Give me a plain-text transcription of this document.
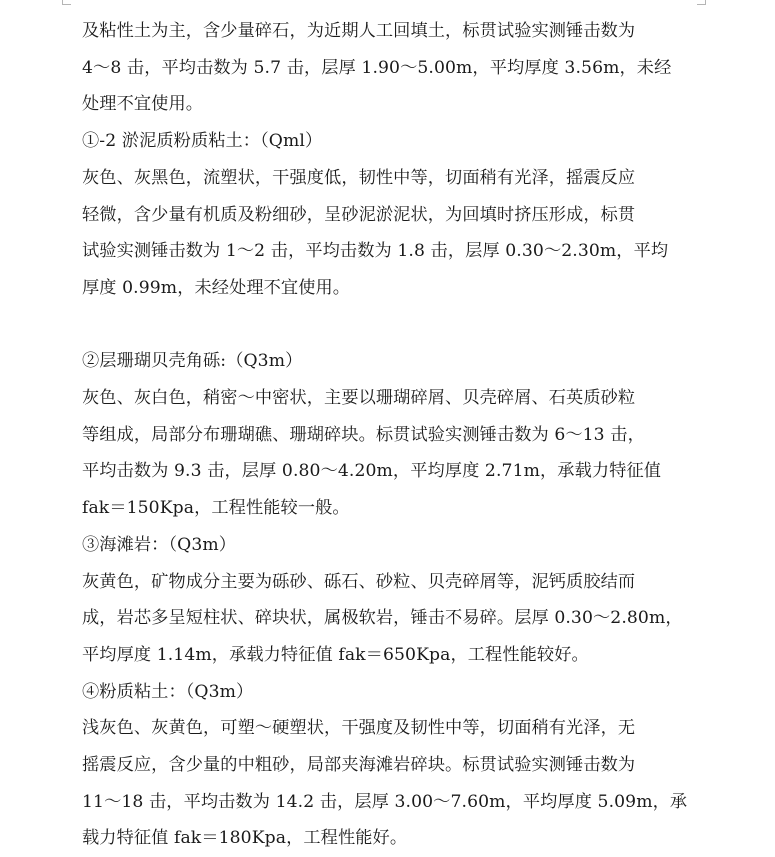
及粘性土为主，含少量碎石，为近期人工回填土，标贯试验实测锤击数为
4～8 击，平均击数为 5.7 击，层厚 1.90～5.00m，平均厚度 3.56m，未经
处理不宜使用。

①-2 淤泥质粉质粘土：（Qml）

灰色、灰黑色，流塑状，干强度低，韧性中等，切面稍有光泽，摇震反应
轻微，含少量有机质及粉细砂，呈砂泥淤泥状，为回填时挤压形成，标贯
试验实测锤击数为 1～2 击，平均击数为 1.8 击，层厚 0.30～2.30m，平均
厚度 0.99m，未经处理不宜使用。

②层珊瑚贝壳角砾:（Q3m）

灰色、灰白色，稍密～中密状，主要以珊瑚碎屑、贝壳碎屑、石英质砂粒
等组成，局部分布珊瑚礁、珊瑚碎块。标贯试验实测锤击数为 6～13 击，
平均击数为 9.3 击，层厚 0.80～4.20m，平均厚度 2.71m，承载力特征值
fak＝150Kpa，工程性能较一般。

③海滩岩：（Q3m）

灰黄色，矿物成分主要为砾砂、砾石、砂粒、贝壳碎屑等，泥钙质胶结而
成，岩芯多呈短柱状、碎块状，属极软岩，锤击不易碎。层厚 0.30～2.80m，
平均厚度 1.14m，承载力特征值 fak＝650Kpa，工程性能较好。

④粉质粘土：（Q3m）

浅灰色、灰黄色，可塑～硬塑状，干强度及韧性中等，切面稍有光泽，无
摇震反应，含少量的中粗砂，局部夹海滩岩碎块。标贯试验实测锤击数为
11～18 击，平均击数为 14.2 击，层厚 3.00～7.60m，平均厚度 5.09m，承
载力特征值 fak＝180Kpa，工程性能好。
